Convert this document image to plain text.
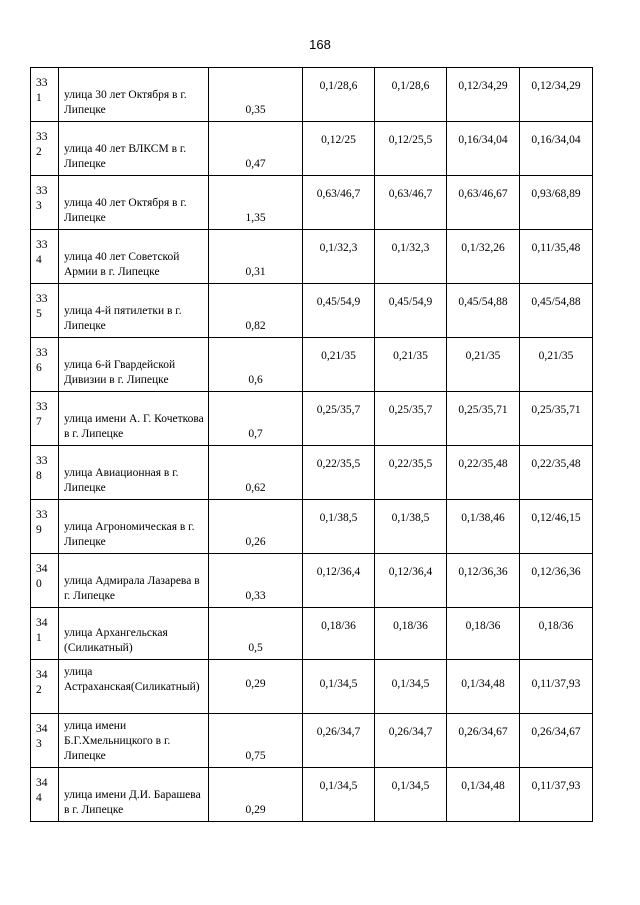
168
33
1	улица 30 лет Октября в г. Липецке	0,35	0,1/28,6	0,1/28,6	0,12/34,29	0,12/34,29

33
2	улица 40 лет ВЛКСМ в г. Липецке	0,47	0,12/25	0,12/25,5	0,16/34,04	0,16/34,04

33
3	улица 40 лет Октября в г. Липецке	1,35	0,63/46,7	0,63/46,7	0,63/46,67	0,93/68,89

33
4	улица 40 лет Советской Армии в г. Липецке	0,31	0,1/32,3	0,1/32,3	0,1/32,26	0,11/35,48

33
5	улица 4-й пятилетки в г. Липецке	0,82	0,45/54,9	0,45/54,9	0,45/54,88	0,45/54,88

33
6	улица 6-й Гвардейской Дивизии в г. Липецке	0,6	0,21/35	0,21/35	0,21/35	0,21/35

33
7	улица имени А. Г. Кочеткова в г. Липецке	0,7	0,25/35,7	0,25/35,7	0,25/35,71	0,25/35,71

33
8	улица Авиационная в г. Липецке	0,62	0,22/35,5	0,22/35,5	0,22/35,48	0,22/35,48

33
9	улица Агрономическая в г. Липецке	0,26	0,1/38,5	0,1/38,5	0,1/38,46	0,12/46,15

34
0	улица Адмирала Лазарева в г. Липецке	0,33	0,12/36,4	0,12/36,4	0,12/36,36	0,12/36,36

34
1	улица Архангельская (Силикатный)	0,5	0,18/36	0,18/36	0,18/36	0,18/36

34
2	улица Астраханская(Силикатный)	0,29	0,1/34,5	0,1/34,5	0,1/34,48	0,11/37,93

34
3	улица имени Б.Г.Хмельницкого в г. Липецке	0,75	0,26/34,7	0,26/34,7	0,26/34,67	0,26/34,67

34
4	улица имени Д.И. Барашева в г. Липецке	0,29	0,1/34,5	0,1/34,5	0,1/34,48	0,11/37,93
